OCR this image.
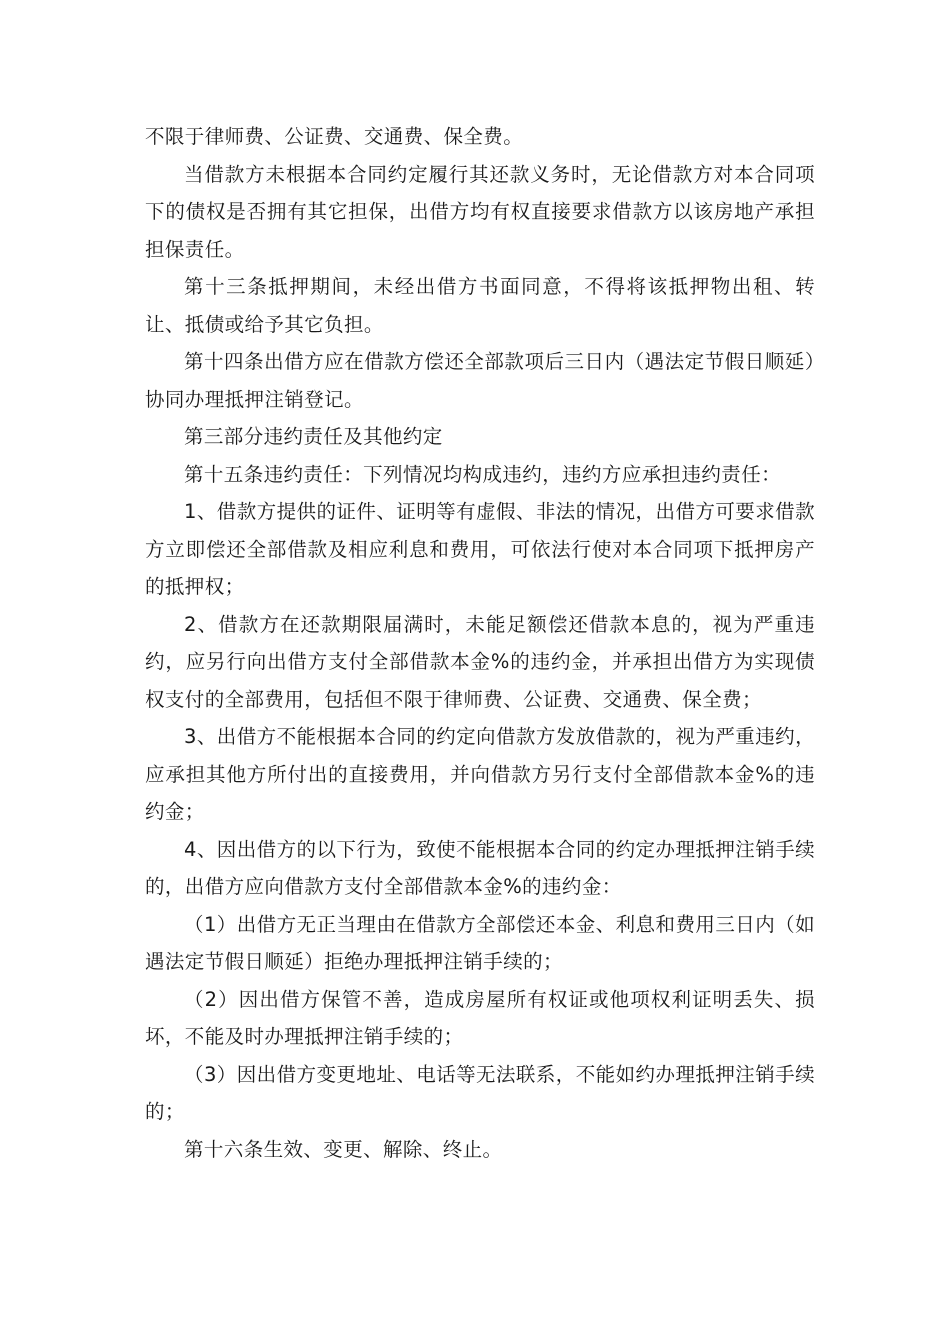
不限于律师费、公证费、交通费、保全费。

当借款方未根据本合同约定履行其还款义务时，无论借款方对本合同项下的债权是否拥有其它担保，出借方均有权直接要求借款方以该房地产承担担保责任。

第十三条抵押期间，未经出借方书面同意，不得将该抵押物出租、转让、抵债或给予其它负担。

第十四条出借方应在借款方偿还全部款项后三日内（遇法定节假日顺延）协同办理抵押注销登记。

第三部分违约责任及其他约定

第十五条违约责任：下列情况均构成违约，违约方应承担违约责任：

1、借款方提供的证件、证明等有虚假、非法的情况，出借方可要求借款方立即偿还全部借款及相应利息和费用，可依法行使对本合同项下抵押房产的抵押权；

2、借款方在还款期限届满时，未能足额偿还借款本息的，视为严重违约，应另行向出借方支付全部借款本金%的违约金，并承担出借方为实现债权支付的全部费用，包括但不限于律师费、公证费、交通费、保全费；

3、出借方不能根据本合同的约定向借款方发放借款的，视为严重违约，应承担其他方所付出的直接费用，并向借款方另行支付全部借款本金%的违约金；

4、因出借方的以下行为，致使不能根据本合同的约定办理抵押注销手续的，出借方应向借款方支付全部借款本金%的违约金：

（1）出借方无正当理由在借款方全部偿还本金、利息和费用三日内（如遇法定节假日顺延）拒绝办理抵押注销手续的；

（2）因出借方保管不善，造成房屋所有权证或他项权利证明丢失、损坏，不能及时办理抵押注销手续的；

（3）因出借方变更地址、电话等无法联系，不能如约办理抵押注销手续的；

第十六条生效、变更、解除、终止。
